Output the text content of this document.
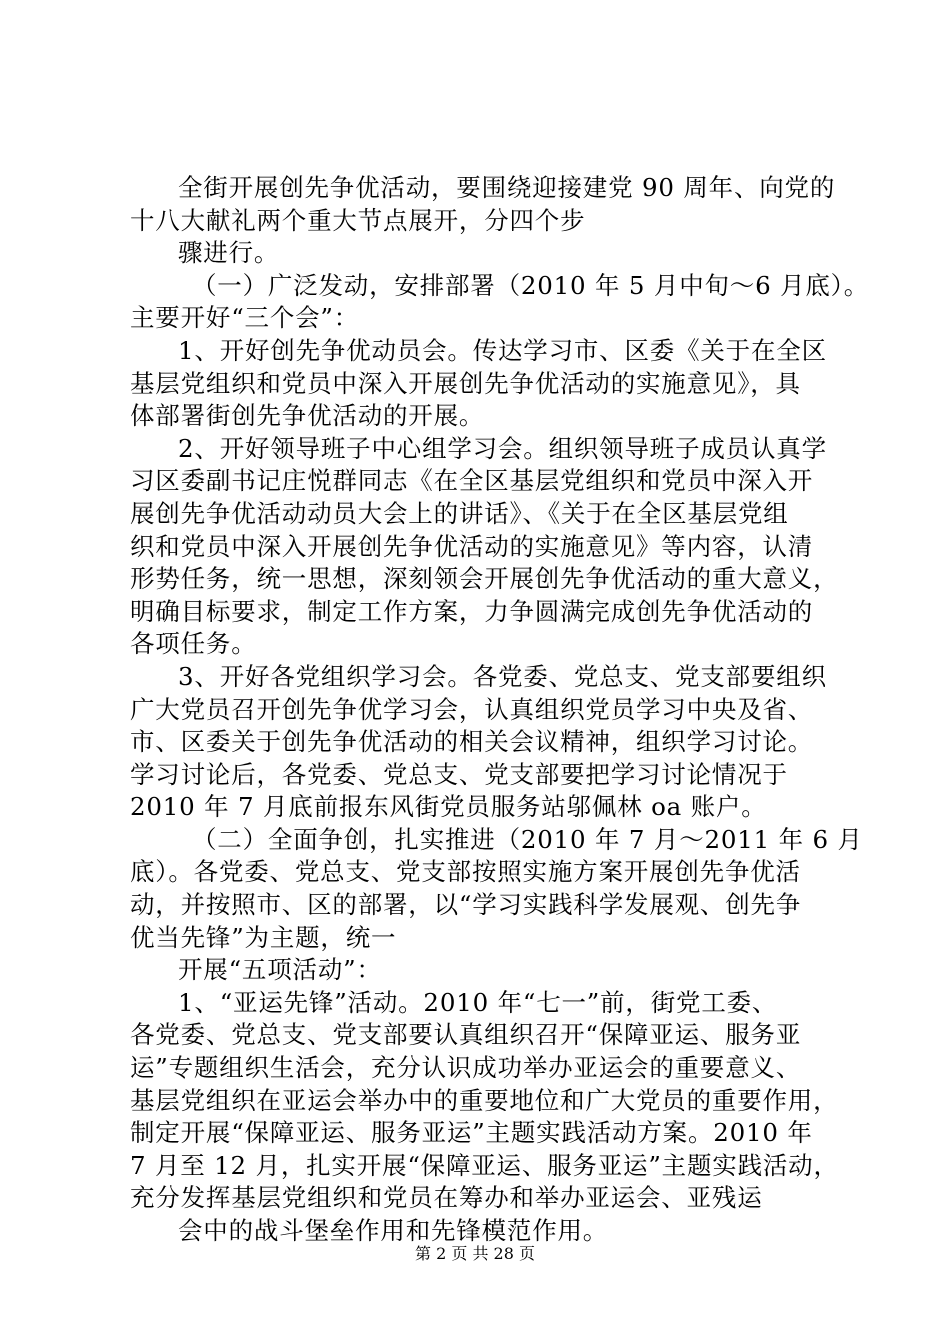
全街开展创先争优活动，要围绕迎接建党 90 周年、向党的
十八大献礼两个重大节点展开，分四个步
骤进行。
（一）广泛发动，安排部署（2010 年 5 月中旬～6 月底）。
主要开好“三个会”：
1、开好创先争优动员会。传达学习市、区委《关于在全区
基层党组织和党员中深入开展创先争优活动的实施意见》，具
体部署街创先争优活动的开展。
2、开好领导班子中心组学习会。组织领导班子成员认真学
习区委副书记庄悦群同志《在全区基层党组织和党员中深入开
展创先争优活动动员大会上的讲话》、《关于在全区基层党组
织和党员中深入开展创先争优活动的实施意见》等内容，认清
形势任务，统一思想，深刻领会开展创先争优活动的重大意义，
明确目标要求，制定工作方案，力争圆满完成创先争优活动的
各项任务。
3、开好各党组织学习会。各党委、党总支、党支部要组织
广大党员召开创先争优学习会，认真组织党员学习中央及省、
市、区委关于创先争优活动的相关会议精神，组织学习讨论。
学习讨论后，各党委、党总支、党支部要把学习讨论情况于
2010 年 7 月底前报东风街党员服务站邬佩林 oa 账户。
（二）全面争创，扎实推进（2010 年 7 月～2011 年 6 月
底）。各党委、党总支、党支部按照实施方案开展创先争优活
动，并按照市、区的部署，以“学习实践科学发展观、创先争
优当先锋”为主题，统一
开展“五项活动”：
1、“亚运先锋”活动。2010 年“七一”前，街党工委、
各党委、党总支、党支部要认真组织召开“保障亚运、服务亚
运”专题组织生活会，充分认识成功举办亚运会的重要意义、
基层党组织在亚运会举办中的重要地位和广大党员的重要作用，
制定开展“保障亚运、服务亚运”主题实践活动方案。2010 年
7 月至 12 月，扎实开展“保障亚运、服务亚运”主题实践活动，
充分发挥基层党组织和党员在筹办和举办亚运会、亚残运
会中的战斗堡垒作用和先锋模范作用。
第 2 页 共 28 页
